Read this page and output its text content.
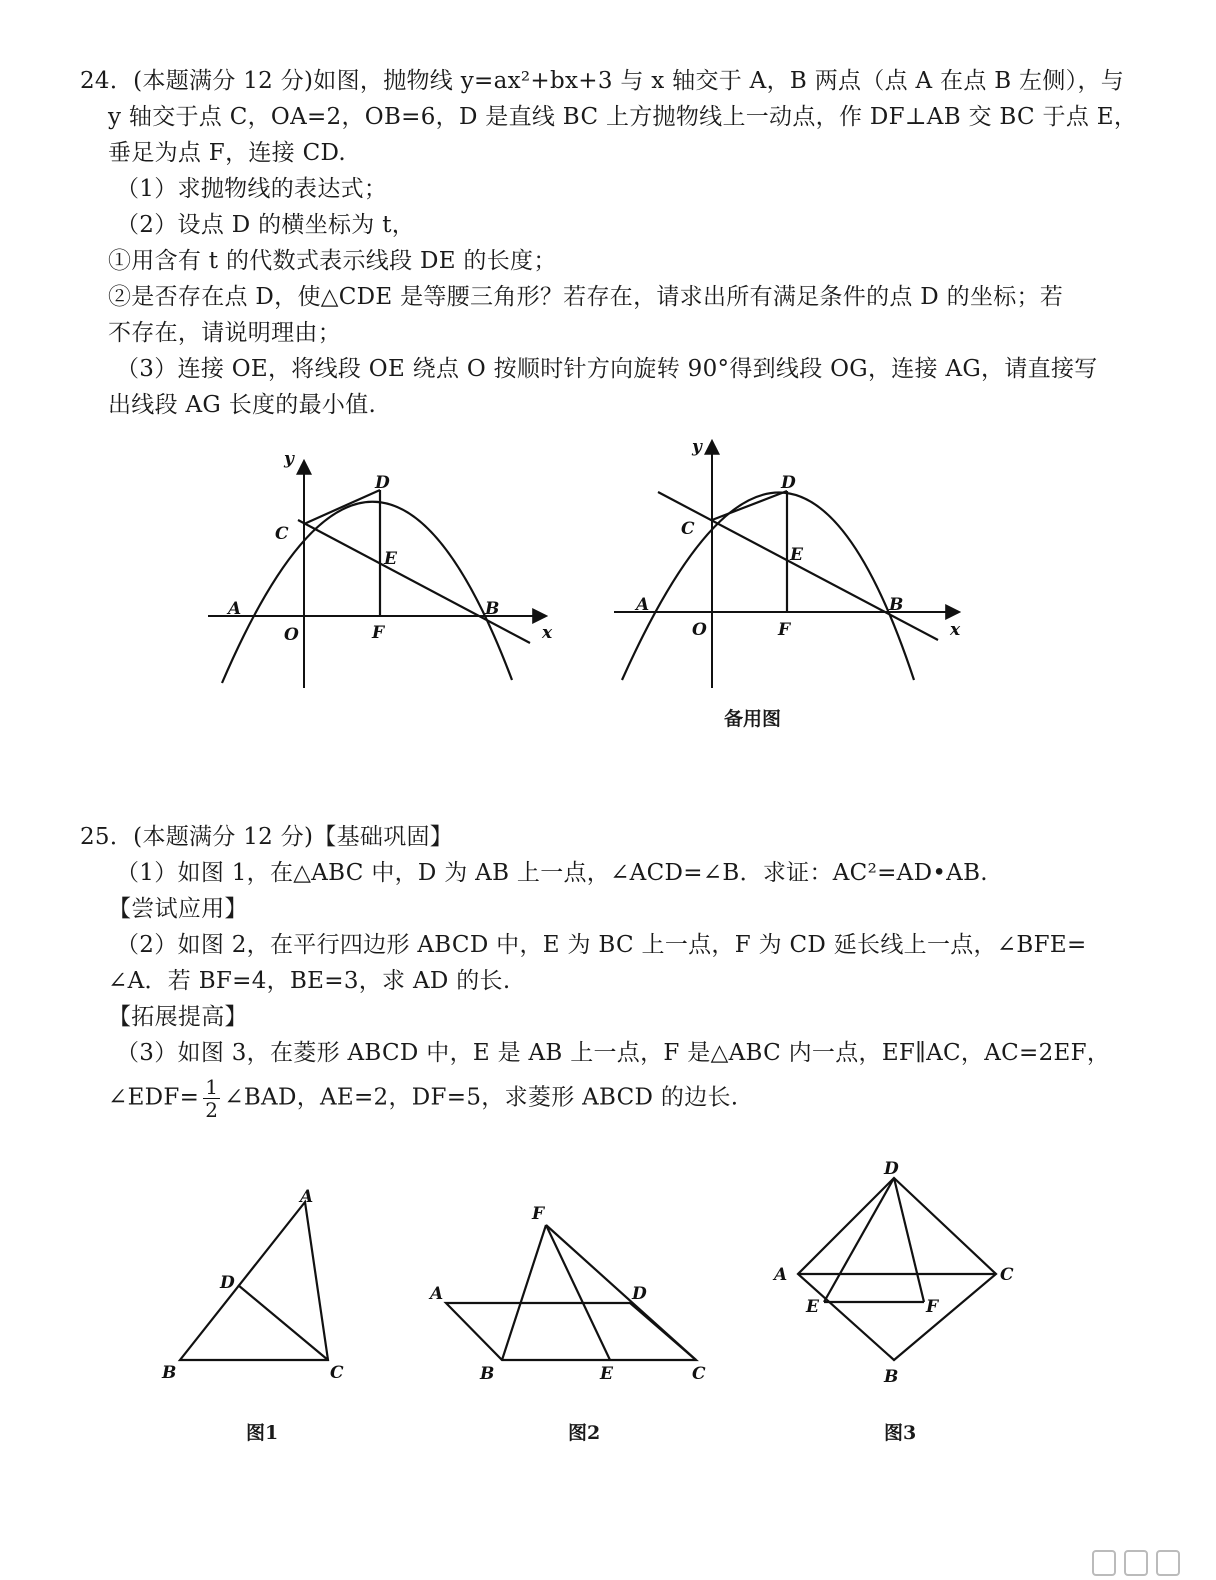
24．(本题满分 12 分)如图，抛物线 y=ax²+bx+3 与 x 轴交于 A，B 两点（点 A 在点 B 左侧），与
y 轴交于点 C，OA=2，OB=6，D 是直线 BC 上方抛物线上一动点，作 DF⊥AB 交 BC 于点 E，
垂足为点 F，连接 CD.
（1）求抛物线的表达式；
（2）设点 D 的横坐标为 t，
①用含有 t 的代数式表示线段 DE 的长度；
②是否存在点 D，使△CDE 是等腰三角形？若存在，请求出所有满足条件的点 D 的坐标；若
不存在，请说明理由；
（3）连接 OE，将线段 OE 绕点 O 按顺时针方向旋转 90°得到线段 OG，连接 AG，请直接写
出线段 AG 长度的最小值.
y
x
O
A	B
C
D
E
F
y
x
O
A	B
C
D
E
F
备用图
25．(本题满分 12 分)【基础巩固】
（1）如图 1，在△ABC 中，D 为 AB 上一点，∠ACD=∠B．求证：AC²=AD•AB.
【尝试应用】
（2）如图 2，在平行四边形 ABCD 中，E 为 BC 上一点，F 为 CD 延长线上一点，∠BFE=
∠A．若 BF=4，BE=3，求 AD 的长.
【拓展提高】
（3）如图 3，在菱形 ABCD 中，E 是 AB 上一点，F 是△ABC 内一点，EF∥AC，AC=2EF，
∠EDF= $\frac{1}{2}$ ∠BAD，AE=2，DF=5，求菱形 ABCD 的边长.
A
B	C
D
图1
F
A	D
B	E	C
图2
D
A	C
E	F
B
图3
